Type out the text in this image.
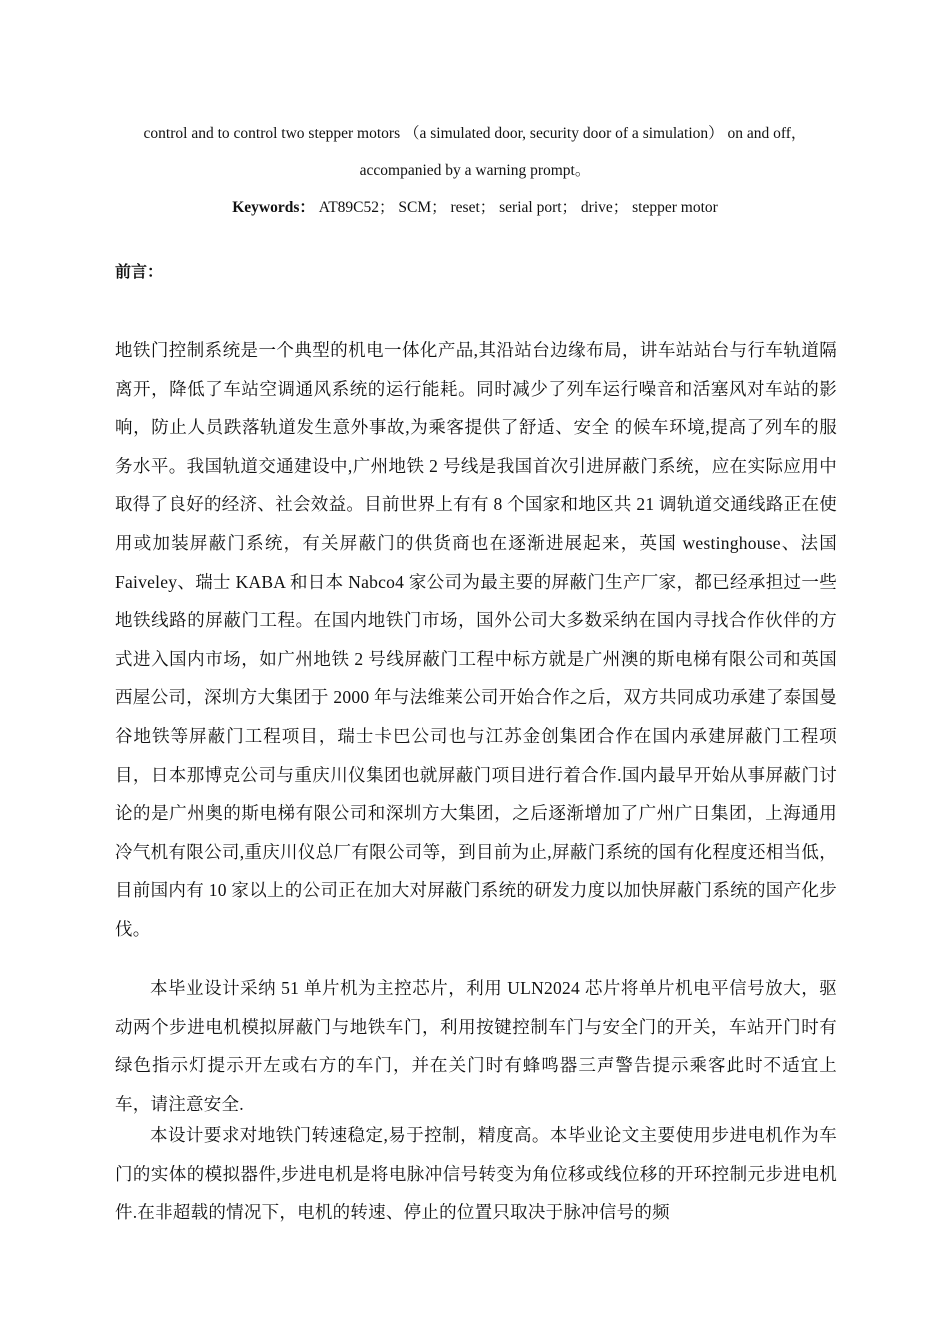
control and to control two stepper motors （a simulated door, security door of a simulation） on and off，
accompanied by a warning prompt。
Keywords： AT89C52； SCM； reset； serial port； drive； stepper motor
前言：

地铁门控制系统是一个典型的机电一体化产品,其沿站台边缘布局，讲车站站台与行车轨道隔离开，降低了车站空调通风系统的运行能耗。同时减少了列车运行噪音和活塞风对车站的影响，防止人员跌落轨道发生意外事故,为乘客提供了舒适、安全 的候车环境,提高了列车的服务水平。我国轨道交通建设中,广州地铁 2 号线是我国首次引进屏蔽门系统，应在实际应用中取得了良好的经济、社会效益。目前世界上有有 8 个国家和地区共 21 调轨道交通线路正在使用或加装屏蔽门系统，有关屏蔽门的供货商也在逐渐进展起来，英国 westinghouse、法国 Faiveley、瑞士 KABA 和日本 Nabco4 家公司为最主要的屏蔽门生产厂家，都已经承担过一些地铁线路的屏蔽门工程。在国内地铁门市场，国外公司大多数采纳在国内寻找合作伙伴的方式进入国内市场，如广州地铁 2 号线屏蔽门工程中标方就是广州澳的斯电梯有限公司和英国西屋公司，深圳方大集团于 2000 年与法维莱公司开始合作之后，双方共同成功承建了泰国曼谷地铁等屏蔽门工程项目，瑞士卡巴公司也与江苏金创集团合作在国内承建屏蔽门工程项目，日本那博克公司与重庆川仪集团也就屏蔽门项目进行着合作.国内最早开始从事屏蔽门讨论的是广州奥的斯电梯有限公司和深圳方大集团，之后逐渐增加了广州广日集团，上海通用冷气机有限公司,重庆川仪总厂有限公司等，到目前为止,屏蔽门系统的国有化程度还相当低，目前国内有 10 家以上的公司正在加大对屏蔽门系统的研发力度以加快屏蔽门系统的国产化步伐。

本毕业设计采纳 51 单片机为主控芯片，利用 ULN2024 芯片将单片机电平信号放大，驱动两个步进电机模拟屏蔽门与地铁车门，利用按键控制车门与安全门的开关，车站开门时有绿色指示灯提示开左或右方的车门，并在关门时有蜂鸣器三声警告提示乘客此时不适宜上车，请注意安全.

本设计要求对地铁门转速稳定,易于控制，精度高。本毕业论文主要使用步进电机作为车门的实体的模拟器件,步进电机是将电脉冲信号转变为角位移或线位移的开环控制元步进电机件.在非超载的情况下，电机的转速、停止的位置只取决于脉冲信号的频
